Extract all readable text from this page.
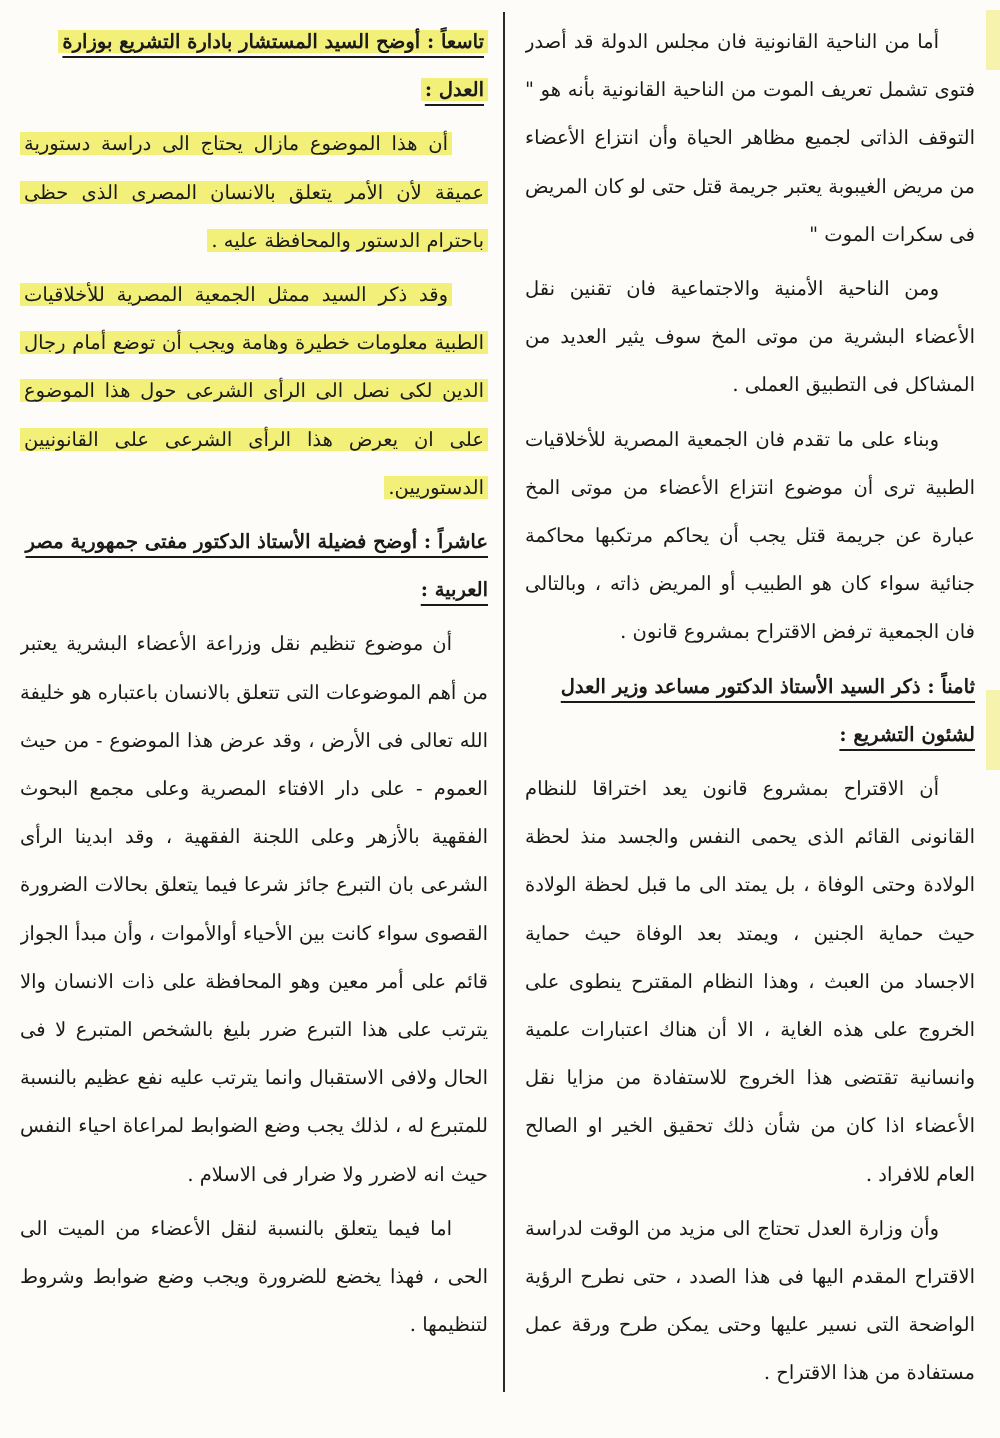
أما من الناحية القانونية فان مجلس الدولة قد أصدر فتوى تشمل تعريف الموت من الناحية القانونية بأنه هو " التوقف الذاتى لجميع مظاهر الحياة وأن انتزاع الأعضاء من مريض الغيبوبة يعتبر جريمة قتل حتى لو كان المريض فى سكرات الموت "

ومن الناحية الأمنية والاجتماعية فان تقنين نقل الأعضاء البشرية من موتى المخ سوف يثير العديد من المشاكل فى التطبيق العملى .

وبناء على ما تقدم فان الجمعية المصرية للأخلاقيات الطبية ترى أن موضوع انتزاع الأعضاء من موتى المخ عبارة عن جريمة قتل يجب أن يحاكم مرتكبها محاكمة جنائية سواء كان هو الطبيب أو المريض ذاته ، وبالتالى فان الجمعية ترفض الاقتراح بمشروع قانون .

ثامناً : ذكر السيد الأستاذ الدكتور مساعد وزير العدل لشئون التشريع :

أن الاقتراح بمشروع قانون يعد اختراقا للنظام القانونى القائم الذى يحمى النفس والجسد منذ لحظة الولادة وحتى الوفاة ، بل يمتد الى ما قبل لحظة الولادة حيث حماية الجنين ، ويمتد بعد الوفاة حيث حماية الاجساد من العبث ، وهذا النظام المقترح ينطوى على الخروج على هذه الغاية ، الا أن هناك اعتبارات علمية وانسانية تقتضى هذا الخروج للاستفادة من مزايا نقل الأعضاء اذا كان من شأن ذلك تحقيق الخير او الصالح العام للافراد .

وأن وزارة العدل تحتاج الى مزيد من الوقت لدراسة الاقتراح المقدم اليها فى هذا الصدد ، حتى نطرح الرؤية الواضحة التى نسير عليها وحتى يمكن طرح ورقة عمل مستفادة من هذا الاقتراح .

تاسعاً : أوضح السيد المستشار بادارة التشريع بوزارة العدل :

أن هذا الموضوع مازال يحتاج الى دراسة دستورية عميقة لأن الأمر يتعلق بالانسان المصرى الذى حظى باحترام الدستور والمحافظة عليه .

وقد ذكر السيد ممثل الجمعية المصرية للأخلاقيات الطبية معلومات خطيرة وهامة ويجب أن توضع أمام رجال الدين لكى نصل الى الرأى الشرعى حول هذا الموضوع على ان يعرض هذا الرأى الشرعى على القانونيين الدستوريين.

عاشراً : أوضح فضيلة الأستاذ الدكتور مفتى جمهورية مصر العربية :

أن موضوع تنظيم نقل وزراعة الأعضاء البشرية يعتبر من أهم الموضوعات التى تتعلق بالانسان باعتباره هو خليفة الله تعالى فى الأرض ، وقد عرض هذا الموضوع - من حيث العموم - على دار الافتاء المصرية وعلى مجمع البحوث الفقهية بالأزهر وعلى اللجنة الفقهية ، وقد ابدينا الرأى الشرعى بان التبرع جائز شرعا فيما يتعلق بحالات الضرورة القصوى سواء كانت بين الأحياء أوالأموات ، وأن مبدأ الجواز قائم على أمر معين وهو المحافظة على ذات الانسان والا يترتب على هذا التبرع ضرر بليغ بالشخص المتبرع لا فى الحال ولافى الاستقبال وانما يترتب عليه نفع عظيم بالنسبة للمتبرع له ، لذلك يجب وضع الضوابط لمراعاة احياء النفس حيث انه لاضرر ولا ضرار فى الاسلام .

اما فيما يتعلق بالنسبة لنقل الأعضاء من الميت الى الحى ، فهذا يخضع للضرورة ويجب وضع ضوابط وشروط لتنظيمها .
